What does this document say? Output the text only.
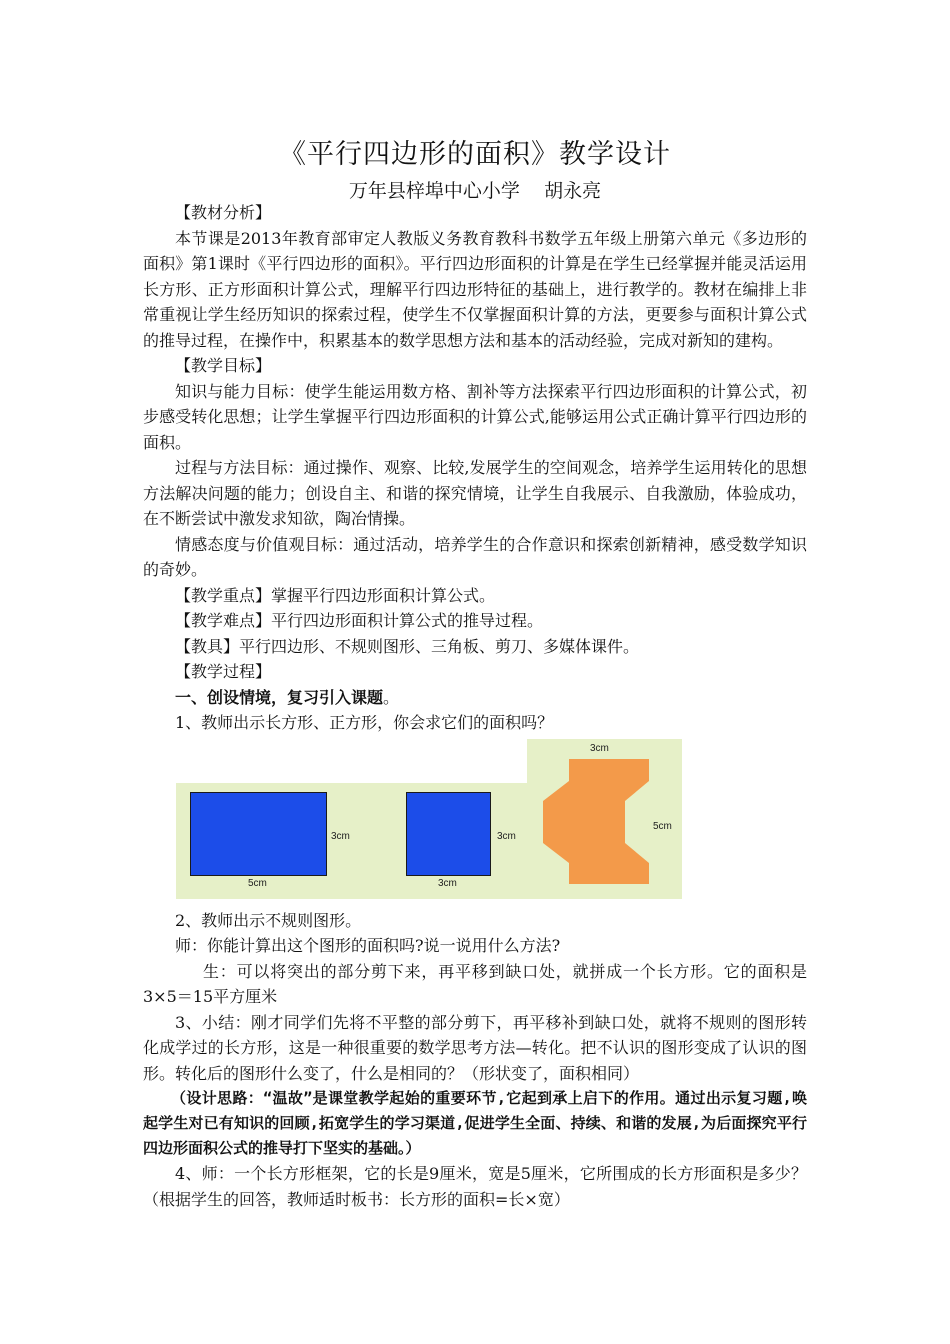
《平行四边形的面积》教学设计
万年县梓埠中心小学    胡永亮

【教材分析】

本节课是2013年教育部审定人教版义务教育教科书数学五年级上册第六单元《多边形的面积》第1课时《平行四边形的面积》。平行四边形面积的计算是在学生已经掌握并能灵活运用长方形、正方形面积计算公式，理解平行四边形特征的基础上，进行教学的。教材在编排上非常重视让学生经历知识的探索过程，使学生不仅掌握面积计算的方法，更要参与面积计算公式的推导过程，在操作中，积累基本的数学思想方法和基本的活动经验，完成对新知的建构。

【教学目标】

知识与能力目标：使学生能运用数方格、割补等方法探索平行四边形面积的计算公式，初步感受转化思想；让学生掌握平行四边形面积的计算公式,能够运用公式正确计算平行四边形的面积。

过程与方法目标：通过操作、观察、比较,发展学生的空间观念，培养学生运用转化的思想方法解决问题的能力；创设自主、和谐的探究情境，让学生自我展示、自我激励，体验成功，在不断尝试中激发求知欲，陶冶情操。

情感态度与价值观目标：通过活动，培养学生的合作意识和探索创新精神，感受数学知识的奇妙。

【教学重点】掌握平行四边形面积计算公式。

【教学难点】平行四边形面积计算公式的推导过程。

【教具】平行四边形、不规则图形、三角板、剪刀、多媒体课件。

【教学过程】

一、创设情境，复习引入课题。

1、教师出示长方形、正方形，你会求它们的面积吗？

3cm
5cm
3cm
3cm
3cm
5cm

2、教师出示不规则图形。

师：你能计算出这个图形的面积吗?说一说用什么方法?

生：可以将突出的部分剪下来，再平移到缺口处，就拼成一个长方形。它的面积是3×5＝15平方厘米

3、小结：刚才同学们先将不平整的部分剪下，再平移补到缺口处，就将不规则的图形转化成学过的长方形，这是一种很重要的数学思考方法—转化。把不认识的图形变成了认识的图形。转化后的图形什么变了，什么是相同的？（形状变了，面积相同）

（设计思路：“温故”是课堂教学起始的重要环节,它起到承上启下的作用。通过出示复习题,唤起学生对已有知识的回顾,拓宽学生的学习渠道,促进学生全面、持续、和谐的发展,为后面探究平行四边形面积公式的推导打下坚实的基础。）

4、师：一个长方形框架，它的长是9厘米，宽是5厘米，它所围成的长方形面积是多少？（根据学生的回答，教师适时板书：长方形的面积=长×宽）
